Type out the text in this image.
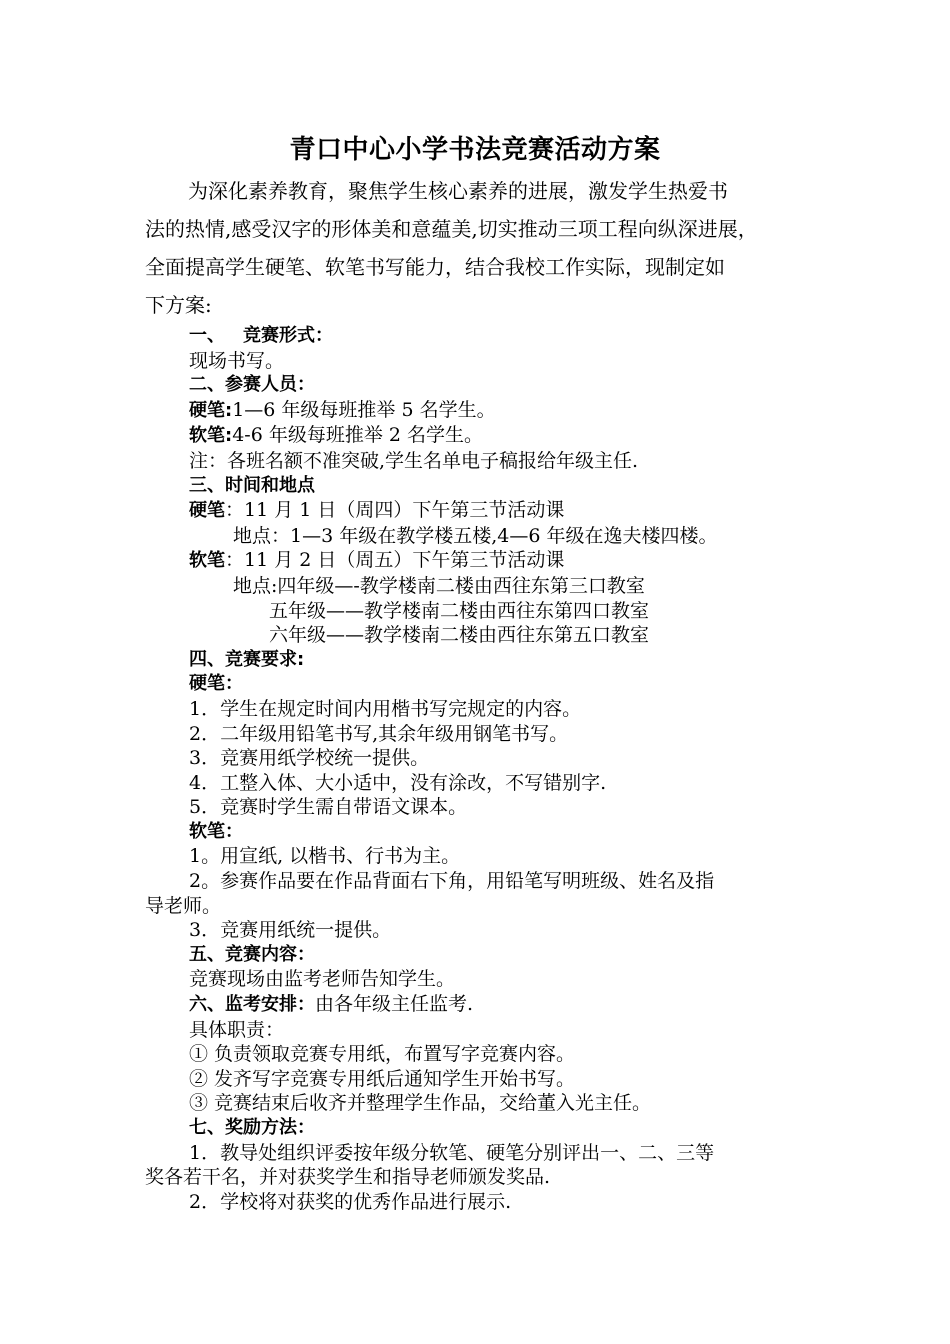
青口中心小学书法竞赛活动方案
为深化素养教育，聚焦学生核心素养的进展，激发学生热爱书
法的热情,感受汉字的形体美和意蕴美,切实推动三项工程向纵深进展，
全面提高学生硬笔、软笔书写能力，结合我校工作实际，现制定如
下方案:
一、 竞赛形式：
现场书写。
二、参赛人员：
硬笔:1—6 年级每班推举 5 名学生。
软笔:4-6 年级每班推举 2 名学生。
注：各班名额不准突破,学生名单电子稿报给年级主任.
三、时间和地点
硬笔：11 月 1 日（周四）下午第三节活动课
地点：1—3 年级在教学楼五楼,4—6 年级在逸夫楼四楼。
软笔：11 月 2 日（周五）下午第三节活动课
地点:四年级—-教学楼南二楼由西往东第三口教室
五年级——教学楼南二楼由西往东第四口教室
六年级——教学楼南二楼由西往东第五口教室
四、竞赛要求:
硬笔：
1．学生在规定时间内用楷书写完规定的内容。
2．二年级用铅笔书写,其余年级用钢笔书写。
3．竞赛用纸学校统一提供。
4．工整入体、大小适中，没有涂改，不写错别字.
5．竞赛时学生需自带语文课本。
软笔：
1。用宣纸, 以楷书、行书为主。
2。参赛作品要在作品背面右下角，用铅笔写明班级、姓名及指
导老师。
3．竞赛用纸统一提供。
五、竞赛内容：
竞赛现场由监考老师告知学生。
六、监考安排：由各年级主任监考.
具体职责：
① 负责领取竞赛专用纸，布置写字竞赛内容。
② 发齐写字竞赛专用纸后通知学生开始书写。
③ 竞赛结束后收齐并整理学生作品，交给董入光主任。
七、奖励方法：
1．教导处组织评委按年级分软笔、硬笔分别评出一、二、三等
奖各若干名，并对获奖学生和指导老师颁发奖品.
2．学校将对获奖的优秀作品进行展示.
